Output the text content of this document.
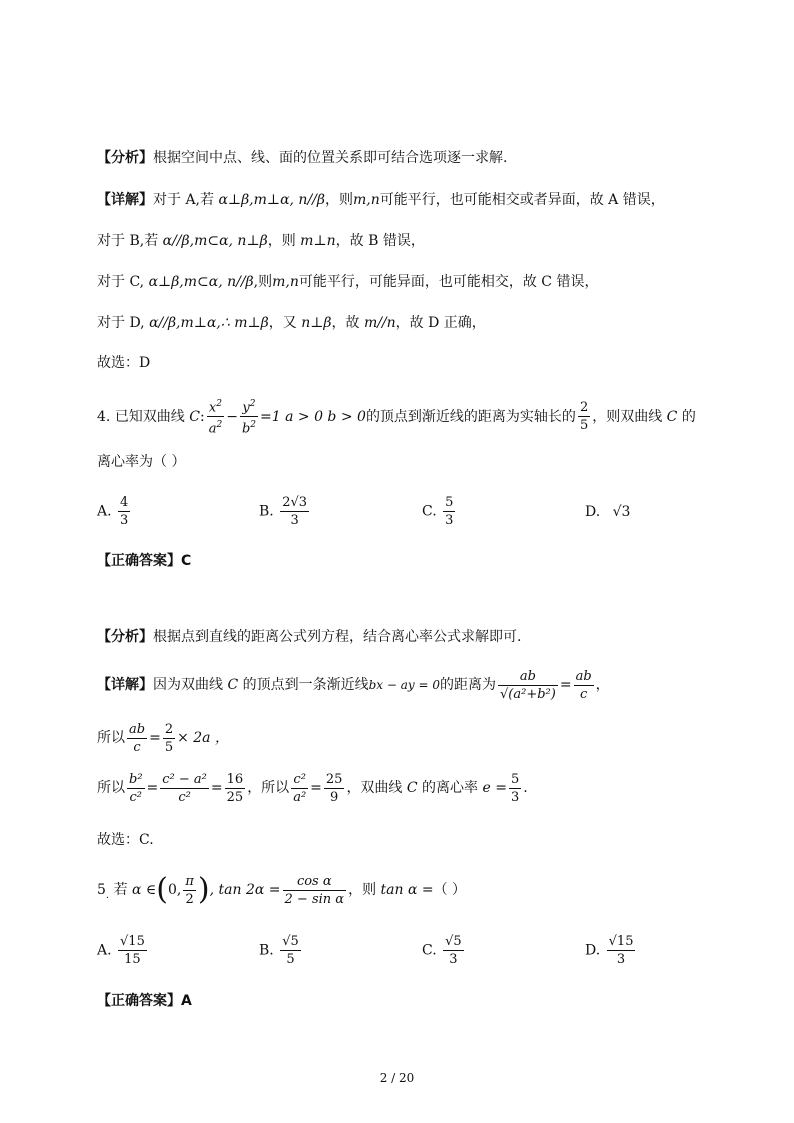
【分析】根据空间中点、线、面的位置关系即可结合选项逐一求解.
【详解】对于 A,若 α⊥β,m⊥α, n//β，则m,n可能平行，也可能相交或者异面，故 A 错误，
对于 B,若 α//β,m⊂α, n⊥β，则 m⊥n，故 B 错误，
对于 C, α⊥β,m⊂α, n//β,则m,n可能平行，可能异面，也可能相交，故 C 错误，
对于 D, α//β,m⊥α,∴ m⊥β，又 n⊥β，故 m//n，故 D 正确，
故选：D
4. 已知双曲线 C: $\frac{x^2}{a^2} - \frac{y^2}{b^2} =1$ a > 0 b > 0的顶点到渐近线的距离为实轴长的 $\frac{2}{5}$ ，则双曲线 C 的
离心率为（ ）
A. $\frac{4}{3}$	B. $\frac{2√3}{3}$	C. $\frac{5}{3}$	D. √3
【正确答案】C
【分析】根据点到直线的距离公式列方程，结合离心率公式求解即可.
【详解】因为双曲线 C 的顶点到一条渐近线bx − ay = 0的距离为 $\frac{ab}{\text{√(a²+b²)}} = \frac{ab}{c}$ ，
所以 $\frac{ab}{c} = \frac{2}{5} \times 2a$ ，
所以 $\frac{\text{b²}}{\text{c²}} = \frac{\text{c² − a²}}{\text{c²}} = \frac{16}{25}$ ，所以 $\frac{\text{c²}}{\text{a²}} = \frac{25}{9}$ ，双曲线 C 的离心率 $e = \frac{5}{3}$ .
故选：C.
$5_.$ 若 α ∈(0, $\frac{\pi}{2}$ ), $\tan 2\alpha = \frac{\text{cos α}}{\text{2 − sin α}}$ ，则 tan α =（ ）
A. $\frac{√15}{15}$	B. $\frac{√5}{5}$	C. $\frac{√5}{3}$	D. $\frac{√15}{3}$
【正确答案】A
2 / 20
